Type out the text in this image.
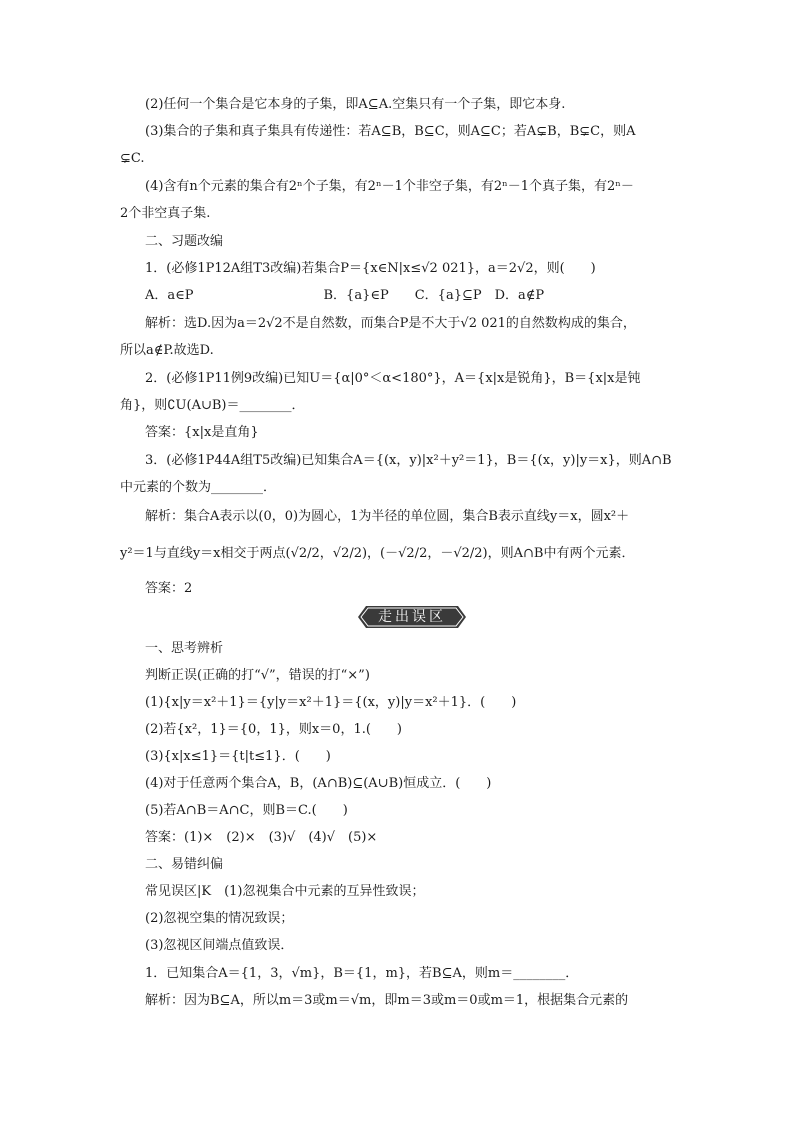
(2)任何一个集合是它本身的子集，即A⊆A.空集只有一个子集，即它本身.
(3)集合的子集和真子集具有传递性：若A⊆B，B⊆C，则A⊆C；若A⊊B，B⊊C，则A
⊊C.
(4)含有n个元素的集合有2ⁿ个子集，有2ⁿ－1个非空子集，有2ⁿ－1个真子集，有2ⁿ－
2个非空真子集.
二、习题改编
1．(必修1P12A组T3改编)若集合P＝{x∈N|x≤√2 021}，a＝2√2，则(　　)
A．a∈P　　　　　　　　　　B．{a}∈P　　C．{a}⊆P　D．a∉P
解析：选D.因为a＝2√2不是自然数，而集合P是不大于√2 021的自然数构成的集合，
所以a∉P.故选D.
2．(必修1P11例9改编)已知U＝{α|0°＜α<180°}，A＝{x|x是锐角}，B＝{x|x是钝
角}，则∁U(A∪B)＝________．
答案：{x|x是直角}
3．(必修1P44A组T5改编)已知集合A＝{(x，y)|x²＋y²＝1}，B＝{(x，y)|y＝x}，则A∩B
中元素的个数为________．
解析：集合A表示以(0，0)为圆心，1为半径的单位圆，集合B表示直线y＝x，圆x²＋
y²＝1与直线y＝x相交于两点(√2/2，√2/2)，(－√2/2，－√2/2)，则A∩B中有两个元素．
答案：2
走出误区
一、思考辨析
判断正误(正确的打“√”，错误的打“×”)
(1){x|y＝x²＋1}＝{y|y＝x²＋1}＝{(x，y)|y＝x²＋1}．(　　)
(2)若{x²，1}＝{0，1}，则x＝0，1.(　　)
(3){x|x≤1}＝{t|t≤1}．(　　)
(4)对于任意两个集合A，B，(A∩B)⊆(A∪B)恒成立．(　　)
(5)若A∩B＝A∩C，则B＝C.(　　)
答案：(1)×　(2)×　(3)√　(4)√　(5)×
二、易错纠偏
常见误区|K　(1)忽视集合中元素的互异性致误；
(2)忽视空集的情况致误；
(3)忽视区间端点值致误．
1．已知集合A＝{1，3，√m}，B＝{1，m}，若B⊆A，则m＝________．
解析：因为B⊆A，所以m＝3或m＝√m，即m＝3或m＝0或m＝1，根据集合元素的
